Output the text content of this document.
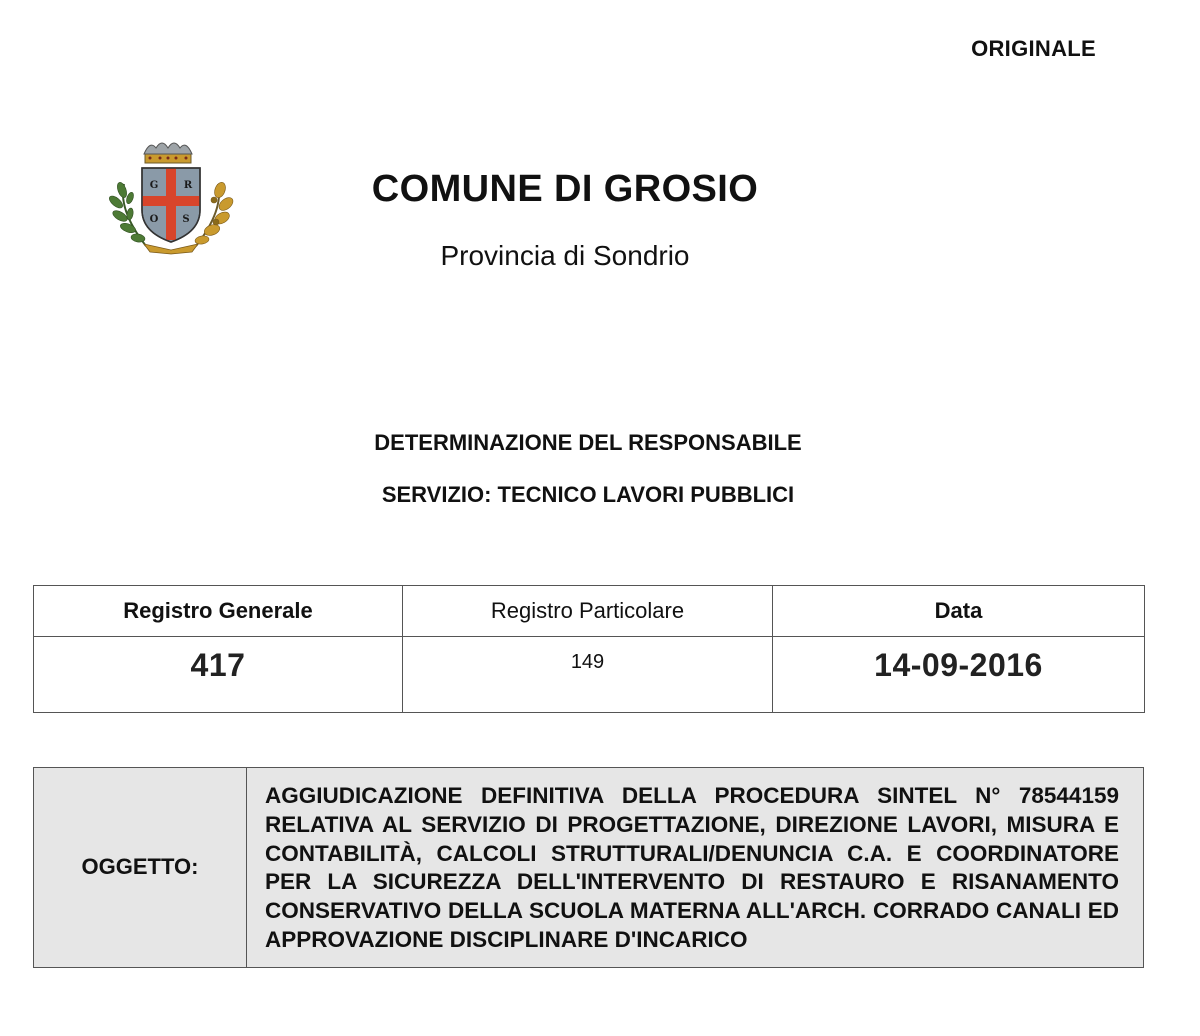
ORIGINALE
G	R
O S
COMUNE DI GROSIO
Provincia di Sondrio
DETERMINAZIONE DEL RESPONSABILE
SERVIZIO: TECNICO LAVORI PUBBLICI
Registro Generale	Registro Particolare	Data
417	149	14-09-2016
OGGETTO:	AGGIUDICAZIONE DEFINITIVA DELLA PROCEDURA SINTEL N° 78544159 RELATIVA AL SERVIZIO DI PROGETTAZIONE, DIREZIONE LAVORI, MISURA E CONTABILITÀ, CALCOLI STRUTTURALI/DENUNCIA C.A. E COORDINATORE PER LA SICUREZZA DELL'INTERVENTO DI RESTAURO E RISANAMENTO CONSERVATIVO DELLA SCUOLA MATERNA ALL'ARCH. CORRADO CANALI ED APPROVAZIONE DISCIPLINARE D'INCARICO
